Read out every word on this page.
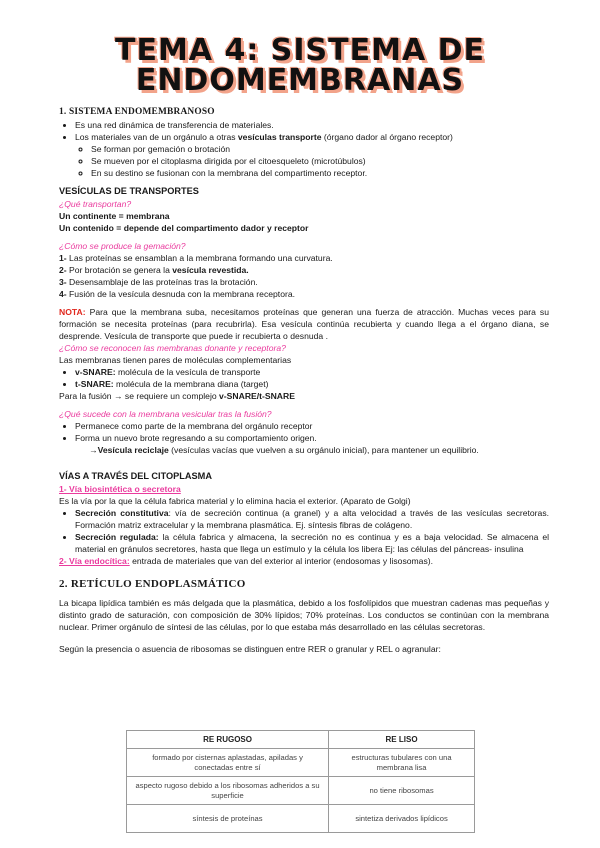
TEMA 4: SISTEMA DE
ENDOMEMBRANAS
1. SISTEMA ENDOMEMBRANOSO
• Es una red dinámica de transferencia de materiales.
• Los materiales van de un orgánulo a otras vesículas transporte (órgano dador al órgano receptor)
◦ Se forman por gemación o brotación
◦ Se mueven por el citoplasma dirigida por el citoesqueleto (microtúbulos)
◦ En su destino se fusionan con la membrana del compartimento receptor.
VESÍCULAS DE TRANSPORTES

¿Qué transportan?

Un continente = membrana

Un contenido = depende del compartimento dador y receptor

¿Cómo se produce la gemación?

1- Las proteínas se ensamblan a la membrana formando una curvatura.

2- Por brotación se genera la vesícula revestida.

3- Desensamblaje de las proteínas tras la brotación.

4- Fusión de la vesícula desnuda con la membrana receptora.

NOTA: Para que la membrana suba, necesitamos proteínas que generan una fuerza de atracción. Muchas veces para su formación se necesita proteínas (para recubrirla). Esa vesícula continúa recubierta y cuando llega a el órgano diana, se desprende. Vesícula de transporte que puede ir recubierta o desnuda .

¿Cómo se reconocen las membranas donante y receptora?

Las membranas tienen pares de moléculas complementarias

• v-SNARE: molécula de la vesícula de transporte
• t-SNARE: molécula de la membrana diana (target)

Para la fusión → se requiere un complejo v-SNARE/t-SNARE

¿Qué sucede con la membrana vesicular tras la fusión?

• Permanece como parte de la membrana del orgánulo receptor
• Forma un nuevo brote regresando a su comportamiento origen.

→Vesícula reciclaje (vesículas vacías que vuelven a su orgánulo inicial), para mantener un equilibrio.

VÍAS A TRAVÉS DEL CITOPLASMA

1- Vía biosintética o secretora

Es la vía por la que la célula fabrica material y lo elimina hacia el exterior. (Aparato de Golgi)

• Secreción constitutiva: vía de secreción continua (a granel) y a alta velocidad a través de las vesículas secretoras. Formación matriz extracelular y la membrana plasmática. Ej. síntesis fibras de colágeno.
• Secreción regulada: la célula fabrica y almacena, la secreción no es continua y es a baja velocidad. Se almacena el material en gránulos secretores, hasta que llega un estímulo y la célula los libera Ej: las células del páncreas- insulina

2- Vía endocítica: entrada de materiales que van del exterior al interior (endosomas y lisosomas).

2. RETÍCULO ENDOPLASMÁTICO

La bicapa lipídica también es más delgada que la plasmática, debido a los fosfolípidos que muestran cadenas mas pequeñas y distinto grado de saturación, con composición de 30% lípidos; 70% proteínas. Los conductos se continúan con la membrana nuclear. Primer orgánulo de síntesi de las células, por lo que estaba más desarrollado en las células secretoras.

Según la presencia o asuencia de ribosomas se distinguen entre RER o granular y REL o agranular:

RE RUGOSO	RE LISO
formado por cisternas aplastadas, apiladas y conectadas entre sí	estructuras tubulares con una membrana lisa
aspecto rugoso debido a los ribosomas adheridos a su superficie	no tiene ribosomas
síntesis de proteínas	sintetiza derivados lipídicos
